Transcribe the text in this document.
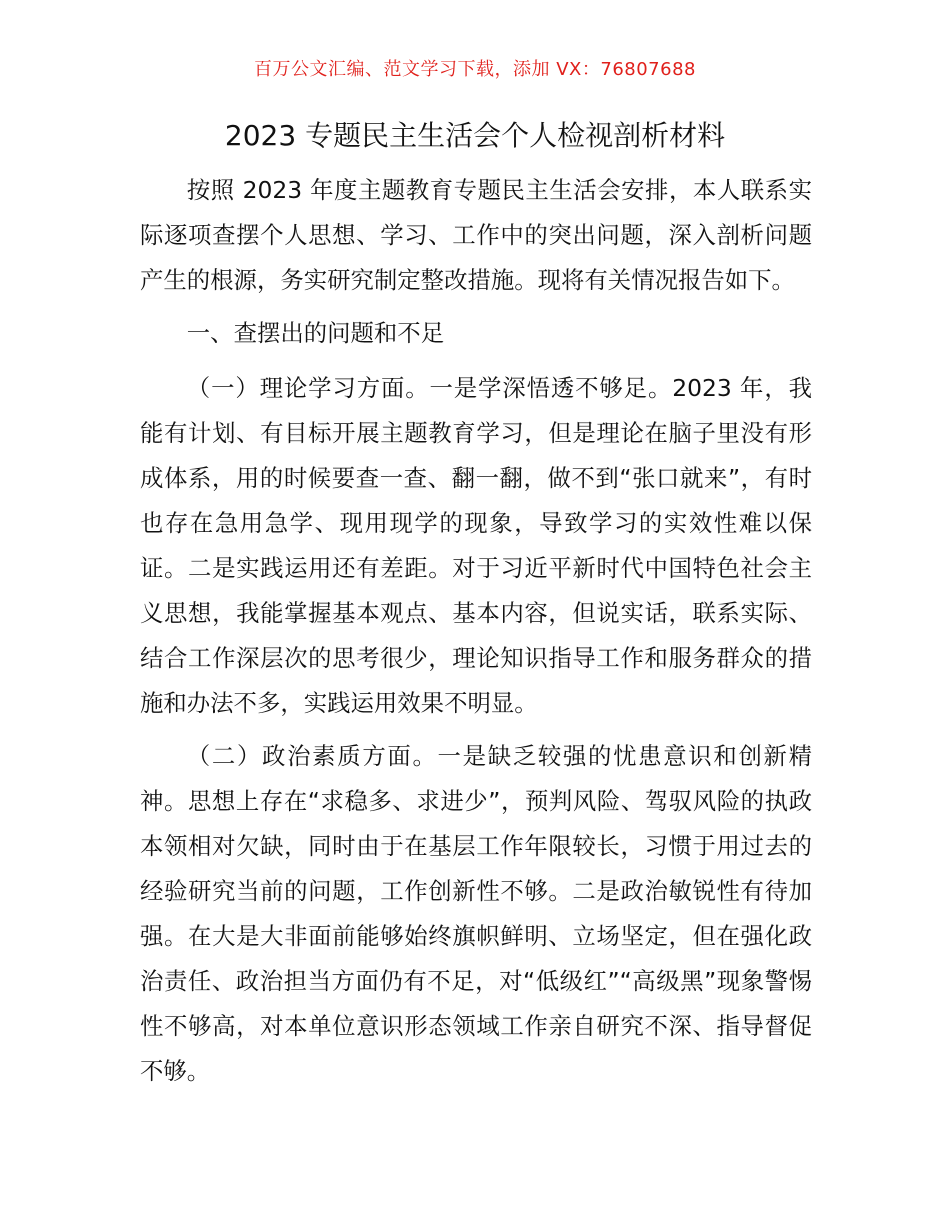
百万公文汇编、范文学习下载，添加 VX：76807688
2023 专题民主生活会个人检视剖析材料

按照 2023 年度主题教育专题民主生活会安排，本人联系实际逐项查摆个人思想、学习、工作中的突出问题，深入剖析问题产生的根源，务实研究制定整改措施。现将有关情况报告如下。

一、查摆出的问题和不足

（一）理论学习方面。一是学深悟透不够足。2023 年，我能有计划、有目标开展主题教育学习，但是理论在脑子里没有形成体系，用的时候要查一查、翻一翻，做不到“张口就来”，有时也存在急用急学、现用现学的现象，导致学习的实效性难以保证。二是实践运用还有差距。对于习近平新时代中国特色社会主义思想，我能掌握基本观点、基本内容，但说实话，联系实际、结合工作深层次的思考很少，理论知识指导工作和服务群众的措施和办法不多，实践运用效果不明显。

（二）政治素质方面。一是缺乏较强的忧患意识和创新精神。思想上存在“求稳多、求进少”，预判风险、驾驭风险的执政本领相对欠缺，同时由于在基层工作年限较长，习惯于用过去的经验研究当前的问题，工作创新性不够。二是政治敏锐性有待加强。在大是大非面前能够始终旗帜鲜明、立场坚定，但在强化政治责任、政治担当方面仍有不足，对“低级红”“高级黑”现象警惕性不够高，对本单位意识形态领域工作亲自研究不深、指导督促不够。
